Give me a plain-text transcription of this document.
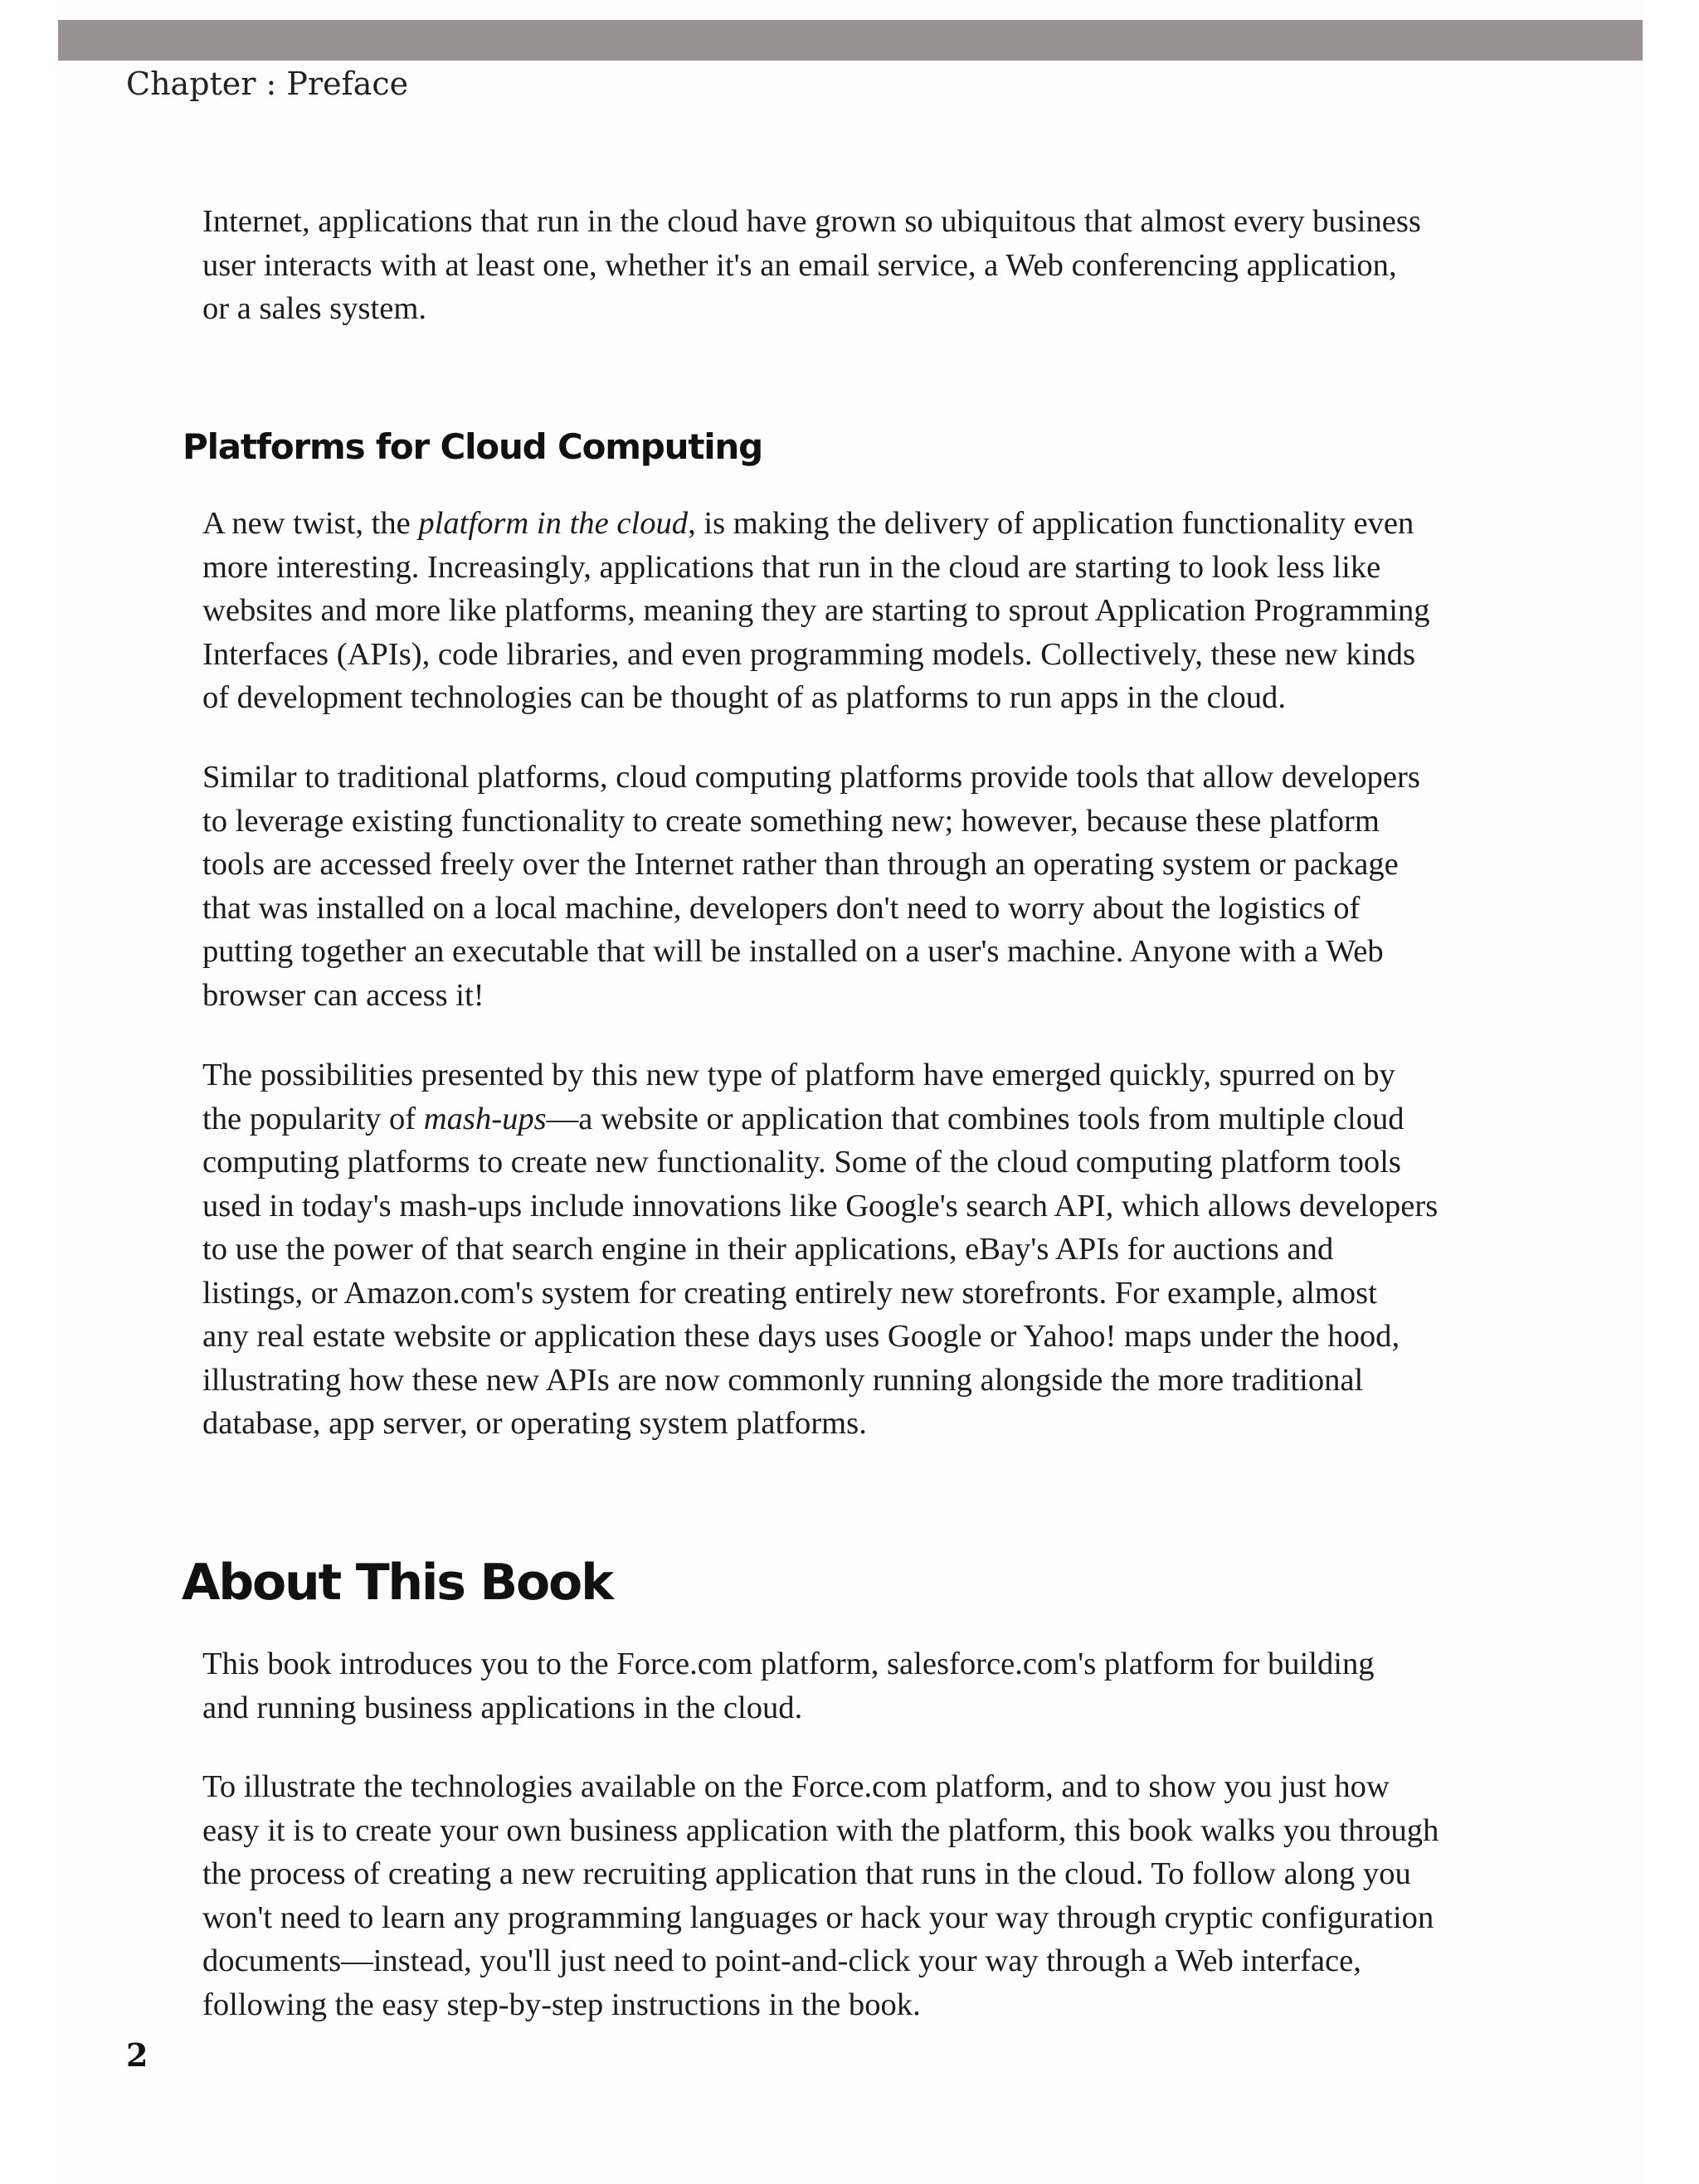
Chapter : Preface

Internet, applications that run in the cloud have grown so ubiquitous that almost every business
user interacts with at least one, whether it's an email service, a Web conferencing application,
or a sales system.

Platforms for Cloud Computing

A new twist, the platform in the cloud, is making the delivery of application functionality even
more interesting. Increasingly, applications that run in the cloud are starting to look less like
websites and more like platforms, meaning they are starting to sprout Application Programming
Interfaces (APIs), code libraries, and even programming models. Collectively, these new kinds
of development technologies can be thought of as platforms to run apps in the cloud.

Similar to traditional platforms, cloud computing platforms provide tools that allow developers
to leverage existing functionality to create something new; however, because these platform
tools are accessed freely over the Internet rather than through an operating system or package
that was installed on a local machine, developers don't need to worry about the logistics of
putting together an executable that will be installed on a user's machine. Anyone with a Web
browser can access it!

The possibilities presented by this new type of platform have emerged quickly, spurred on by
the popularity of mash-ups—a website or application that combines tools from multiple cloud
computing platforms to create new functionality. Some of the cloud computing platform tools
used in today's mash-ups include innovations like Google's search API, which allows developers
to use the power of that search engine in their applications, eBay's APIs for auctions and
listings, or Amazon.com's system for creating entirely new storefronts. For example, almost
any real estate website or application these days uses Google or Yahoo! maps under the hood,
illustrating how these new APIs are now commonly running alongside the more traditional
database, app server, or operating system platforms.

About This Book

This book introduces you to the Force.com platform, salesforce.com's platform for building
and running business applications in the cloud.

To illustrate the technologies available on the Force.com platform, and to show you just how
easy it is to create your own business application with the platform, this book walks you through
the process of creating a new recruiting application that runs in the cloud. To follow along you
won't need to learn any programming languages or hack your way through cryptic configuration
documents—instead, you'll just need to point-and-click your way through a Web interface,
following the easy step-by-step instructions in the book.

2
